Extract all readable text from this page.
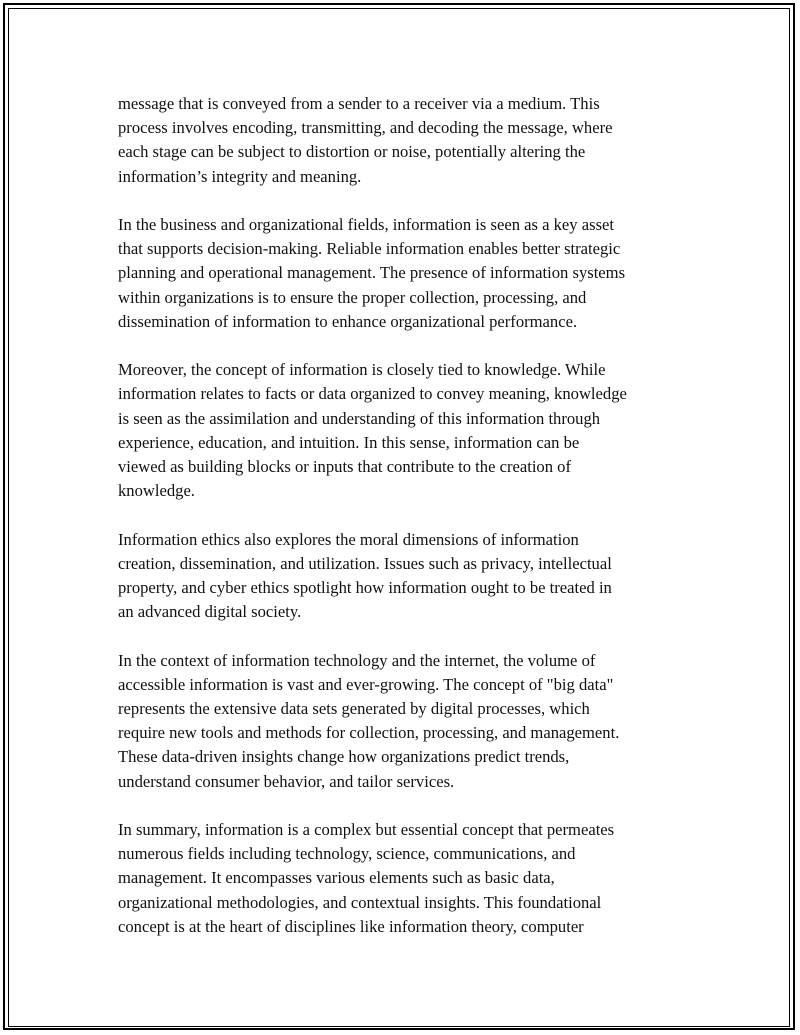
message that is conveyed from a sender to a receiver via a medium. This
process involves encoding, transmitting, and decoding the message, where
each stage can be subject to distortion or noise, potentially altering the
information’s integrity and meaning.

In the business and organizational fields, information is seen as a key asset
that supports decision-making. Reliable information enables better strategic
planning and operational management. The presence of information systems
within organizations is to ensure the proper collection, processing, and
dissemination of information to enhance organizational performance.

Moreover, the concept of information is closely tied to knowledge. While
information relates to facts or data organized to convey meaning, knowledge
is seen as the assimilation and understanding of this information through
experience, education, and intuition. In this sense, information can be
viewed as building blocks or inputs that contribute to the creation of
knowledge.

Information ethics also explores the moral dimensions of information
creation, dissemination, and utilization. Issues such as privacy, intellectual
property, and cyber ethics spotlight how information ought to be treated in
an advanced digital society.

In the context of information technology and the internet, the volume of
accessible information is vast and ever-growing. The concept of "big data"
represents the extensive data sets generated by digital processes, which
require new tools and methods for collection, processing, and management.
These data-driven insights change how organizations predict trends,
understand consumer behavior, and tailor services.

In summary, information is a complex but essential concept that permeates
numerous fields including technology, science, communications, and
management. It encompasses various elements such as basic data,
organizational methodologies, and contextual insights. This foundational
concept is at the heart of disciplines like information theory, computer
